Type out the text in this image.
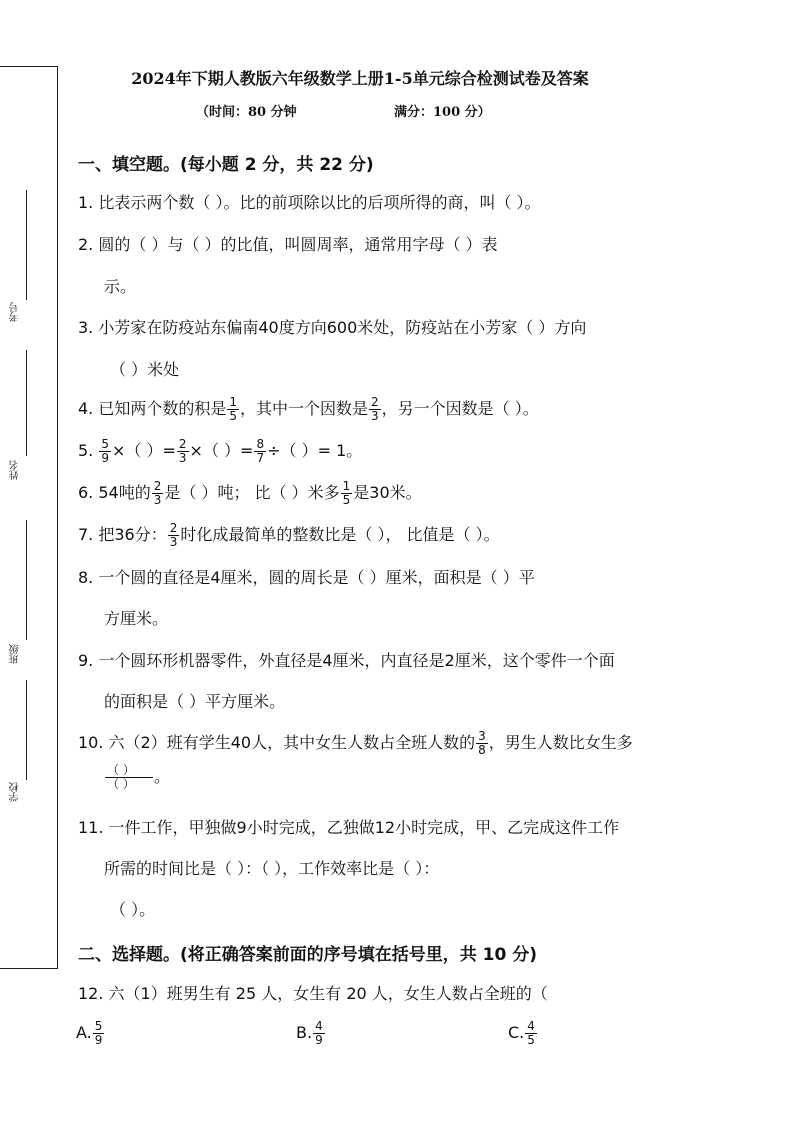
考号
姓名
班级
学校
2024年下期人教版六年级数学上册1-5单元综合检测试卷及答案
（时间：80 分钟	满分：100 分）
一、填空题。(每小题 2 分，共 22 分)
1. 比表示两个数（ ）。比的前项除以比的后项所得的商，叫（ ）。
2. 圆的（ ）与（ ）的比值，叫圆周率，通常用字母（ ）表
示。
3. 小芳家在防疫站东偏南40度方向600米处，防疫站在小芳家（ ）方向
（ ）米处
4. 已知两个数的积是 $\frac{1}{5}$ ，其中一个因数是 $\frac{2}{3}$ ，另一个因数是（ ）。
5. $\frac{5}{9}$ ×（ ）= $\frac{2}{3}$ ×（ ）= $\frac{8}{7}$ ÷（ ）= 1。
6. 54吨的 $\frac{2}{3}$ 是（ ）吨； 比（ ）米多 $\frac{1}{5}$ 是30米。
7. 把36分： $\frac{2}{3}$ 时化成最简单的整数比是（ ）， 比值是（ ）。
8. 一个圆的直径是4厘米，圆的周长是（ ）厘米，面积是（ ）平
方厘米。
9. 一个圆环形机器零件，外直径是4厘米，内直径是2厘米，这个零件一个面
的面积是（ ）平方厘米。
10. 六（2）班有学生40人，其中女生人数占全班人数的 $\frac{3}{8}$ ，男生人数比女生多
$\frac{( )}{( )}$ 。
11. 一件工作，甲独做9小时完成，乙独做12小时完成，甲、乙完成这件工作
所需的时间比是（ ）：（ ），工作效率比是（ ）：
（ ）。
二、选择题。(将正确答案前面的序号填在括号里，共 10 分)
12. 六（1）班男生有 25 人，女生有 20 人，女生人数占全班的（
A. $\frac{5}{9}$	B. $\frac{4}{9}$	C. $\frac{4}{5}$
